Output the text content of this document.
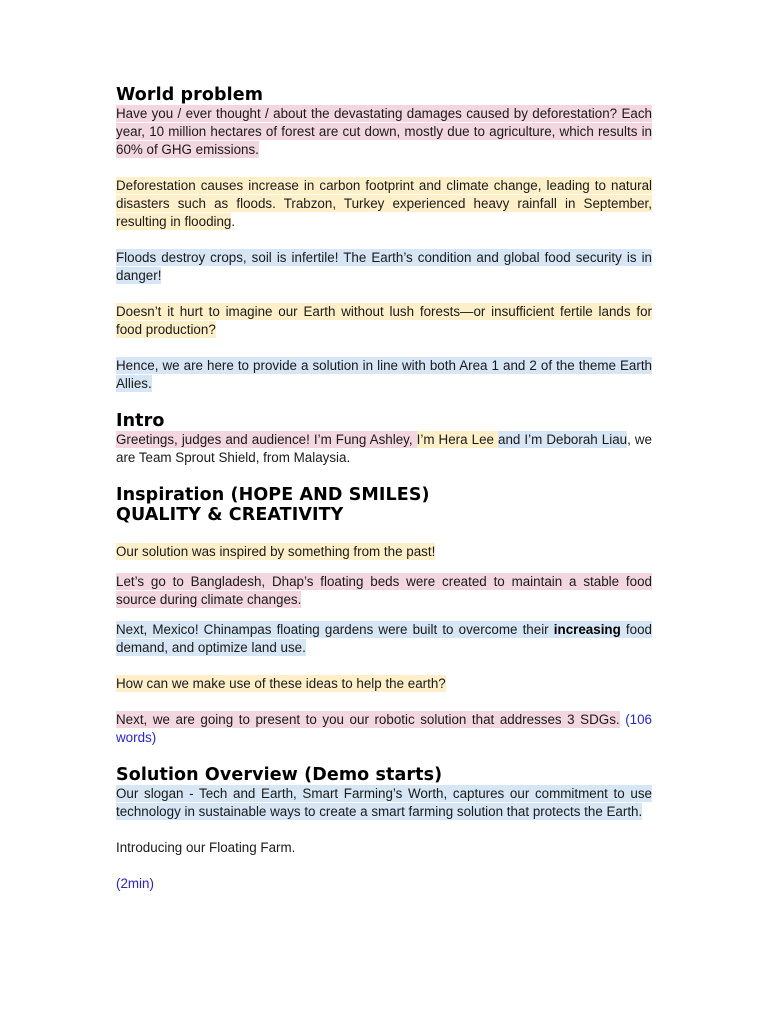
World problem

Have you / ever thought / about the devastating damages caused by deforestation? Each year, 10 million hectares of forest are cut down, mostly due to agriculture, which results in 60% of GHG emissions.

Deforestation causes increase in carbon footprint and climate change, leading to natural disasters such as floods. Trabzon, Turkey experienced heavy rainfall in September, resulting in flooding.

Floods destroy crops, soil is infertile! The Earth’s condition and global food security is in danger!

Doesn’t it hurt to imagine our Earth without lush forests—or insufficient fertile lands for food production?

Hence, we are here to provide a solution in line with both Area 1 and 2 of the theme Earth Allies.

Intro

Greetings, judges and audience! I’m Fung Ashley, I’m Hera Lee and I’m Deborah Liau, we are Team Sprout Shield, from Malaysia.

Inspiration (HOPE AND SMILES)
QUALITY & CREATIVITY

Our solution was inspired by something from the past!

Let’s go to Bangladesh, Dhap’s floating beds were created to maintain a stable food source during climate changes.

Next, Mexico! Chinampas floating gardens were built to overcome their increasing food demand, and optimize land use.

How can we make use of these ideas to help the earth?

Next, we are going to present to you our robotic solution that addresses 3 SDGs. (106 words)

Solution Overview (Demo starts)

Our slogan - Tech and Earth, Smart Farming’s Worth, captures our commitment to use technology in sustainable ways to create a smart farming solution that protects the Earth.

Introducing our Floating Farm.

(2min)
